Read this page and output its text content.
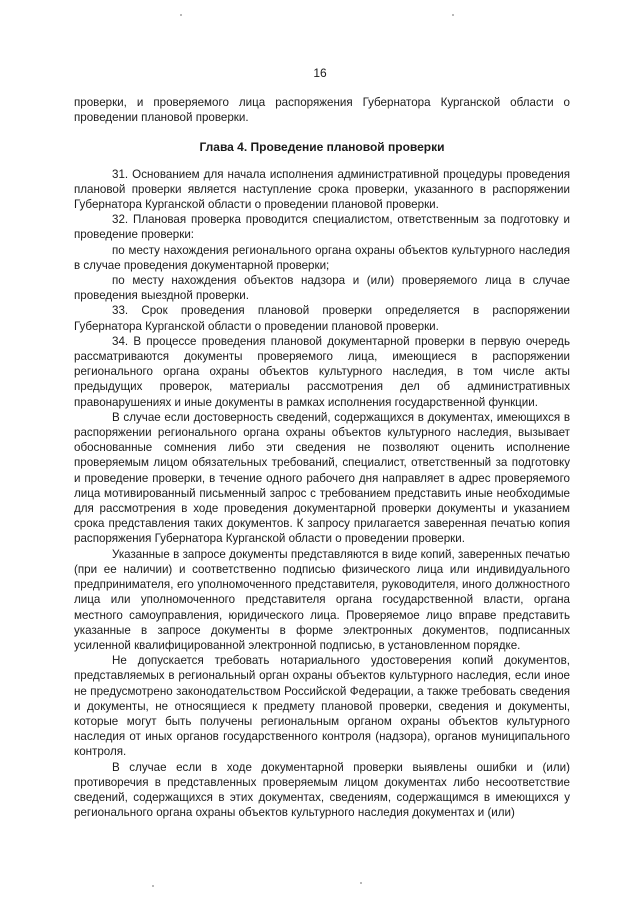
16

проверки, и проверяемого лица распоряжения Губернатора Курганской области о проведении плановой проверки.

Глава 4. Проведение плановой проверки

31. Основанием для начала исполнения административной процедуры проведения плановой проверки является наступление срока проверки, указанного в распоряжении Губернатора Курганской области о проведении плановой проверки.

32. Плановая проверка проводится специалистом, ответственным за подготовку и проведение проверки:

по месту нахождения регионального органа охраны объектов культурного наследия в случае проведения документарной проверки;

по месту нахождения объектов надзора и (или) проверяемого лица в случае проведения выездной проверки.

33. Срок проведения плановой проверки определяется в распоряжении Губернатора Курганской области о проведении плановой проверки.

34. В процессе проведения плановой документарной проверки в первую очередь рассматриваются документы проверяемого лица, имеющиеся в распоряжении регионального органа охраны объектов культурного наследия, в том числе акты предыдущих проверок, материалы рассмотрения дел об административных правонарушениях и иные документы в рамках исполнения государственной функции.

В случае если достоверность сведений, содержащихся в документах, имеющихся в распоряжении регионального органа охраны объектов культурного наследия, вызывает обоснованные сомнения либо эти сведения не позволяют оценить исполнение проверяемым лицом обязательных требований, специалист, ответственный за подготовку и проведение проверки, в течение одного рабочего дня направляет в адрес проверяемого лица мотивированный письменный запрос с требованием представить иные необходимые для рассмотрения в ходе проведения документарной проверки документы и указанием срока представления таких документов. К запросу прилагается заверенная печатью копия распоряжения Губернатора Курганской области о проведении проверки.

Указанные в запросе документы представляются в виде копий, заверенных печатью (при ее наличии) и соответственно подписью физического лица или индивидуального предпринимателя, его уполномоченного представителя, руководителя, иного должностного лица или уполномоченного представителя органа государственной власти, органа местного самоуправления, юридического лица. Проверяемое лицо вправе представить указанные в запросе документы в форме электронных документов, подписанных усиленной квалифицированной электронной подписью, в установленном порядке.

Не допускается требовать нотариального удостоверения копий документов, представляемых в региональный орган охраны объектов культурного наследия, если иное не предусмотрено законодательством Российской Федерации, а также требовать сведения и документы, не относящиеся к предмету плановой проверки, сведения и документы, которые могут быть получены региональным органом охраны объектов культурного наследия от иных органов государственного контроля (надзора), органов муниципального контроля.

В случае если в ходе документарной проверки выявлены ошибки и (или) противоречия в представленных проверяемым лицом документах либо несоответствие сведений, содержащихся в этих документах, сведениям, содержащимся в имеющихся у регионального органа охраны объектов культурного наследия документах и (или)
